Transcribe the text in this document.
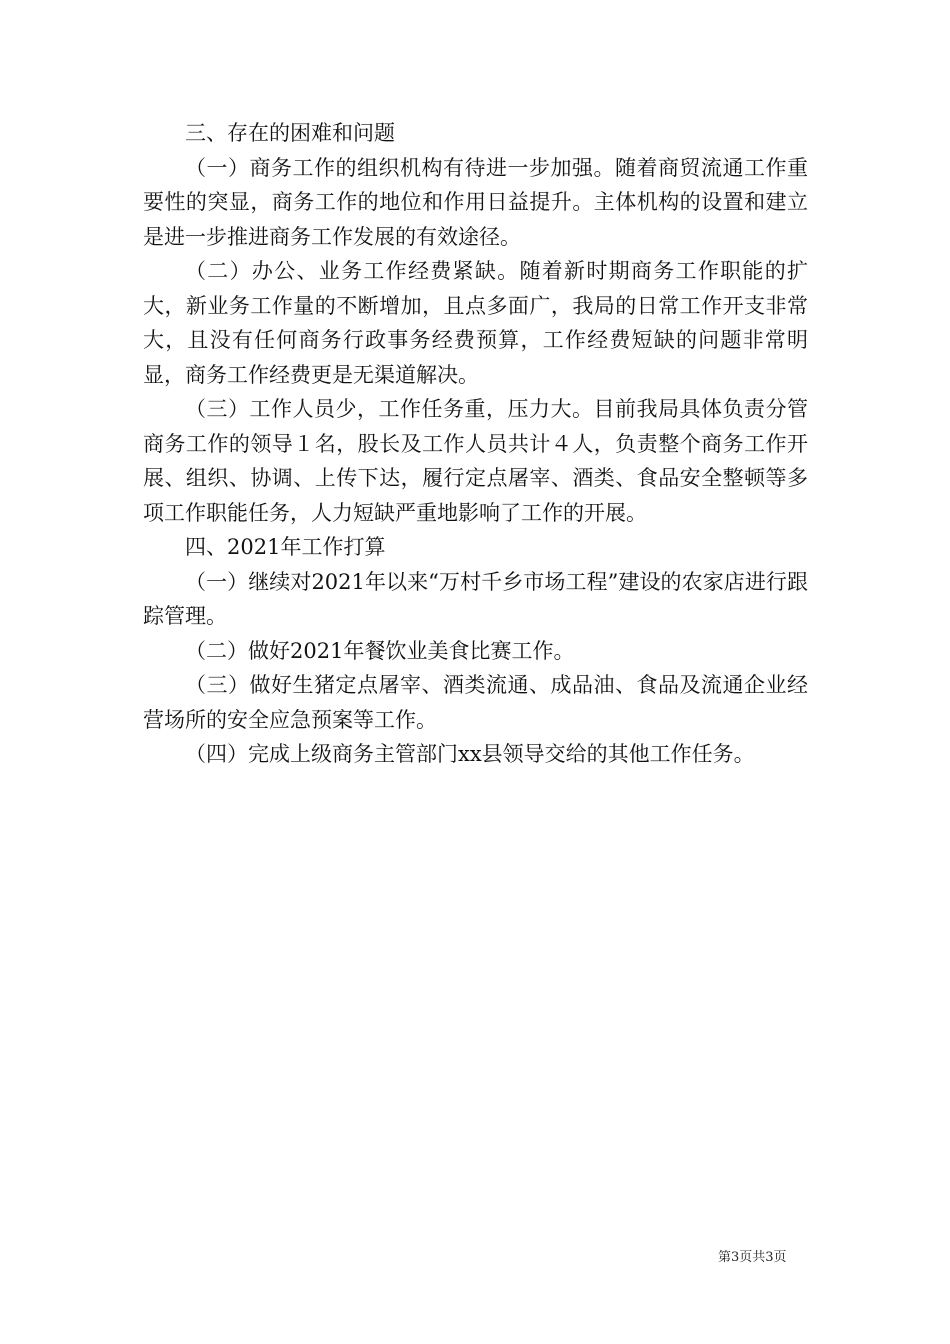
三、存在的困难和问题

（一）商务工作的组织机构有待进一步加强。随着商贸流通工作重要性的突显，商务工作的地位和作用日益提升。主体机构的设置和建立是进一步推进商务工作发展的有效途径。

（二）办公、业务工作经费紧缺。随着新时期商务工作职能的扩大，新业务工作量的不断增加，且点多面广，我局的日常工作开支非常大，且没有任何商务行政事务经费预算，工作经费短缺的问题非常明显，商务工作经费更是无渠道解决。

（三）工作人员少，工作任务重，压力大。目前我局具体负责分管商务工作的领导１名，股长及工作人员共计４人，负责整个商务工作开展、组织、协调、上传下达，履行定点屠宰、酒类、食品安全整顿等多项工作职能任务，人力短缺严重地影响了工作的开展。

四、2021年工作打算

（一）继续对2021年以来“万村千乡市场工程”建设的农家店进行跟踪管理。

（二）做好2021年餐饮业美食比赛工作。

（三）做好生猪定点屠宰、酒类流通、成品油、食品及流通企业经营场所的安全应急预案等工作。

（四）完成上级商务主管部门xx县领导交给的其他工作任务。

第3页共3页
